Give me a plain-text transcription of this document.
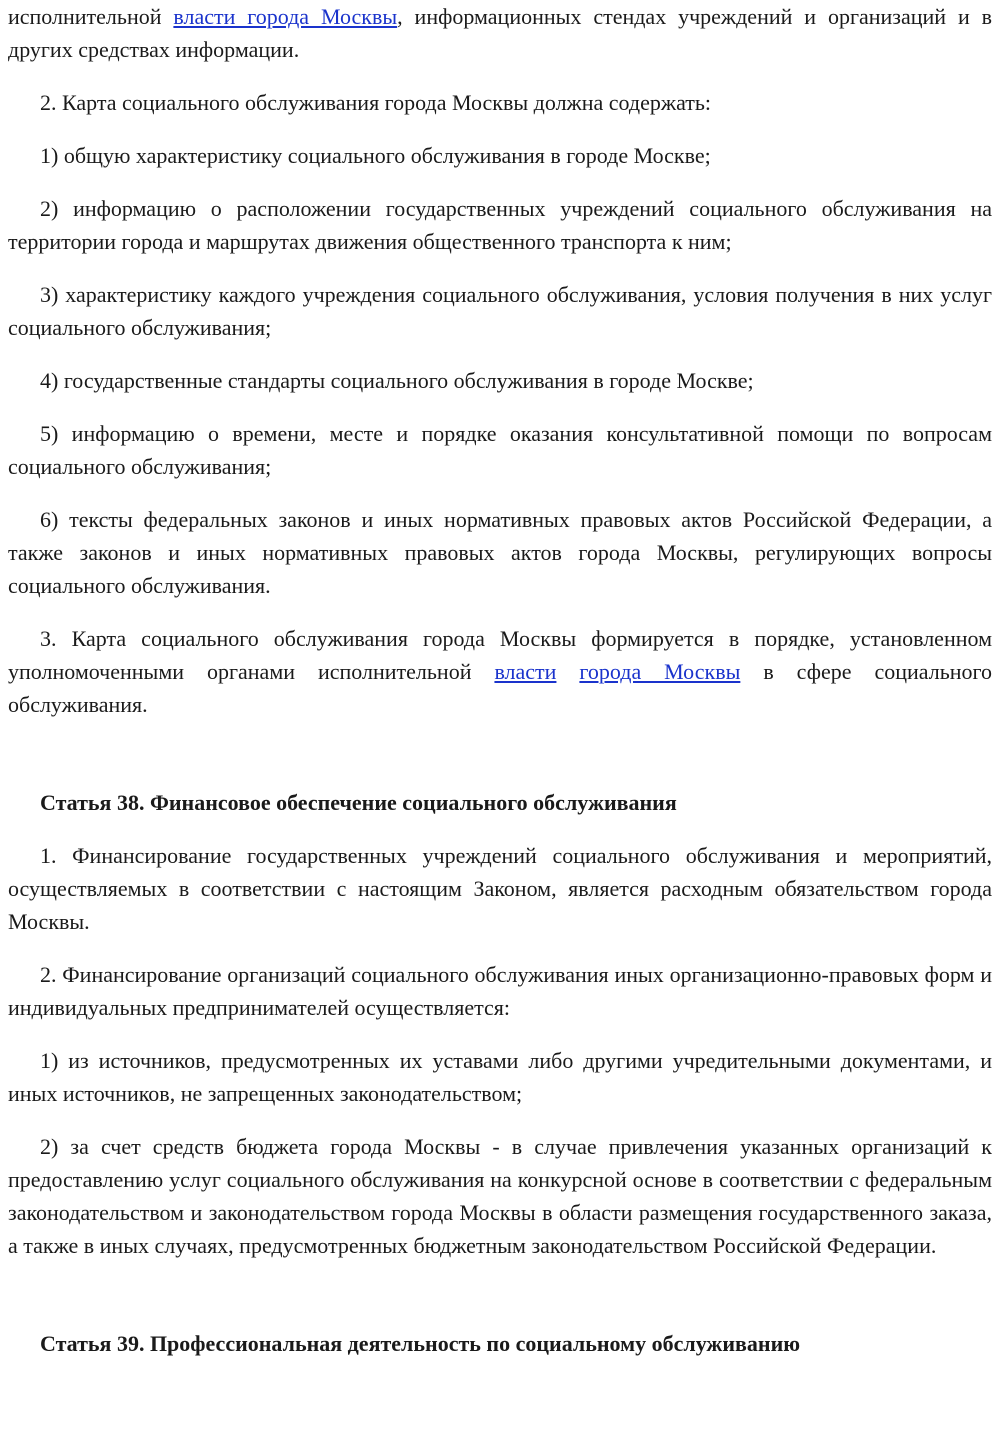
исполнительной власти города Москвы, информационных стендах учреждений и организаций и в других средствах информации.

2. Карта социального обслуживания города Москвы должна содержать:

1) общую характеристику социального обслуживания в городе Москве;

2) информацию о расположении государственных учреждений социального обслуживания на территории города и маршрутах движения общественного транспорта к ним;

3) характеристику каждого учреждения социального обслуживания, условия получения в них услуг социального обслуживания;

4) государственные стандарты социального обслуживания в городе Москве;

5) информацию о времени, месте и порядке оказания консультативной помощи по вопросам социального обслуживания;

6) тексты федеральных законов и иных нормативных правовых актов Российской Федерации, а также законов и иных нормативных правовых актов города Москвы, регулирующих вопросы социального обслуживания.

3. Карта социального обслуживания города Москвы формируется в порядке, установленном уполномоченными органами исполнительной власти города Москвы в сфере социального обслуживания.

Статья 38. Финансовое обеспечение социального обслуживания

1. Финансирование государственных учреждений социального обслуживания и мероприятий, осуществляемых в соответствии с настоящим Законом, является расходным обязательством города Москвы.

2. Финансирование организаций социального обслуживания иных организационно-правовых форм и индивидуальных предпринимателей осуществляется:

1) из источников, предусмотренных их уставами либо другими учредительными документами, и иных источников, не запрещенных законодательством;

2) за счет средств бюджета города Москвы - в случае привлечения указанных организаций к предоставлению услуг социального обслуживания на конкурсной основе в соответствии с федеральным законодательством и законодательством города Москвы в области размещения государственного заказа, а также в иных случаях, предусмотренных бюджетным законодательством Российской Федерации.

Статья 39. Профессиональная деятельность по социальному обслуживанию
